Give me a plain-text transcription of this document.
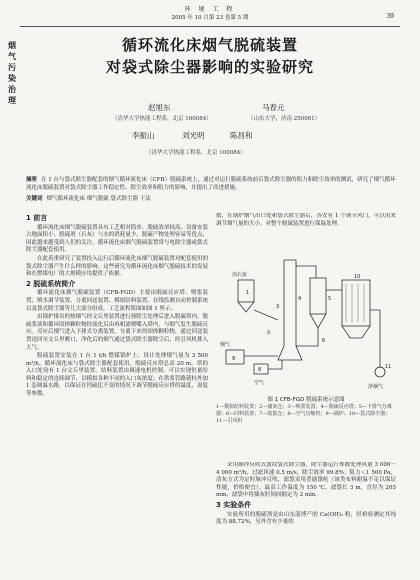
环 境 工 程
2005 年 10 月第 23 卷第 5 期	39
烟气污染治理
循环流化床烟气脱硫装置
对袋式除尘器影响的实验研究
赵旭东	马春元
（清华大学热能工程系，北京 100084）	（山东大学，济南 250061）
李振山	刘光明	陈昌和
（清华大学热能工程系，北京 100084）
摘要 在 1 台与袋式除尘器配套的烟气循环流化床（CFB）脱硫系统上，通过对运行脱硫系统前后袋式除尘器的阻力和除尘效率的测试，研究了烟气循环流化床脱硫装置对袋式除尘器工作稳定性、除尘效率和阻力的影响，并提出了改进措施。
关键词 烟气循环流化床 烟气脱硫 袋式除尘器 干法
1 前言

循环流化床烟气脱硫装置具有工艺相对简单、脱硫效率较高、设备安装占地面积小、脱硫剂（石灰）与水的消耗量少、脱硫产物处理容易等优点，因此越来越受到人们的关注。循环流化床烟气脱硫装置常与电除尘器或袋式除尘器配套使用。

在此着重研究了装置投入运行后循环流化床烟气脱硫装置对配套使用的袋式除尘器产生什么样的影响。这些研究为循环流化床烟气脱硫技术的发展和在燃煤电厂的大规模应用提供了依据。

2 脱硫系统简介

循环流化床烟气脱硫装置（CFB-FGD）主要由脱硫反应塔、喷浆装置、喷水调节装置、分离回送装置、模拟结料装置、在线监测自动控制系统以及袋式除尘器等几大部分组成。工艺流程简图如图 1 所示。

由锅炉排出的热烟气经文丘里装置进行预除尘处理后进入脱硫塔内。脱硫浆液和循环固体颗粒物经流化后由再相滤喷嘴入塔内，与烟气发生脱硫反应。反应后烟气进入下排式分离装置，分离下来的固体颗粒物，通过回送装置送回至文丘里喉口，净化后的烟气通过袋式除尘器除尘后，经引风机排入大气。

脱硫装置安装在 1 台 1 t/h 燃煤锅炉上，设计处理烟气量为 3 500 m³/h，循环流化床与袋式除尘器配套使用。脱硫反应塔总高 20 m，塔的入口处设有 1 台文丘里装置。结料装置由调速电机控制，可以实现恒量给料和稳定的连续调节，以模拟各种不同的入口灰浓度；在供浆管路链柱外加 1 套调温水路，以保证在钙硫比不变的情况下调节脱硫反应塔的温度，湿度等参数。

数，在锅炉烟气出口处和袋式除尘器后，各安有 1 个调节风门，可以用来调节烟气量的大小，对整个脱硫装置进行保温处理。

1
3
4	5
6
9
8
10
11
烟气
消石灰
水
空气
净烟气
图 1 CFB-FGD 脱硫系统示意图
1—模拟给料装置；2—储灰仓；3—喷浆装置；4—脱硫反应塔；5—下排气分离器；6—回料装置；7—收集仓；8—空气压缩机；9—锅炉；10—袋式除尘器；11—引风机

采用脉冲反吹式波纹袋式除尘器，除尘器运行参数处理风量 3 000～4 000 m³/h，过滤风速 0.5 m/s，除尘效率 99.8%；阻力＜1 500 Pa，清灰方式为定时脉冲反吹，滤袋采用普通涤纶（该类布料耐温不足以保证性能，价格便宜）。最高工作温度为 150 ℃，滤袋长 3 m，直径为 205 mm，滤袋中将插灰时间间隔定为 2 min。

3 实验条件

实验所用的脱硫剂是由山东淄博产的 Ca(OH)₂ 粉，经检验测定其纯度为 88.72%，另外含有少量的
